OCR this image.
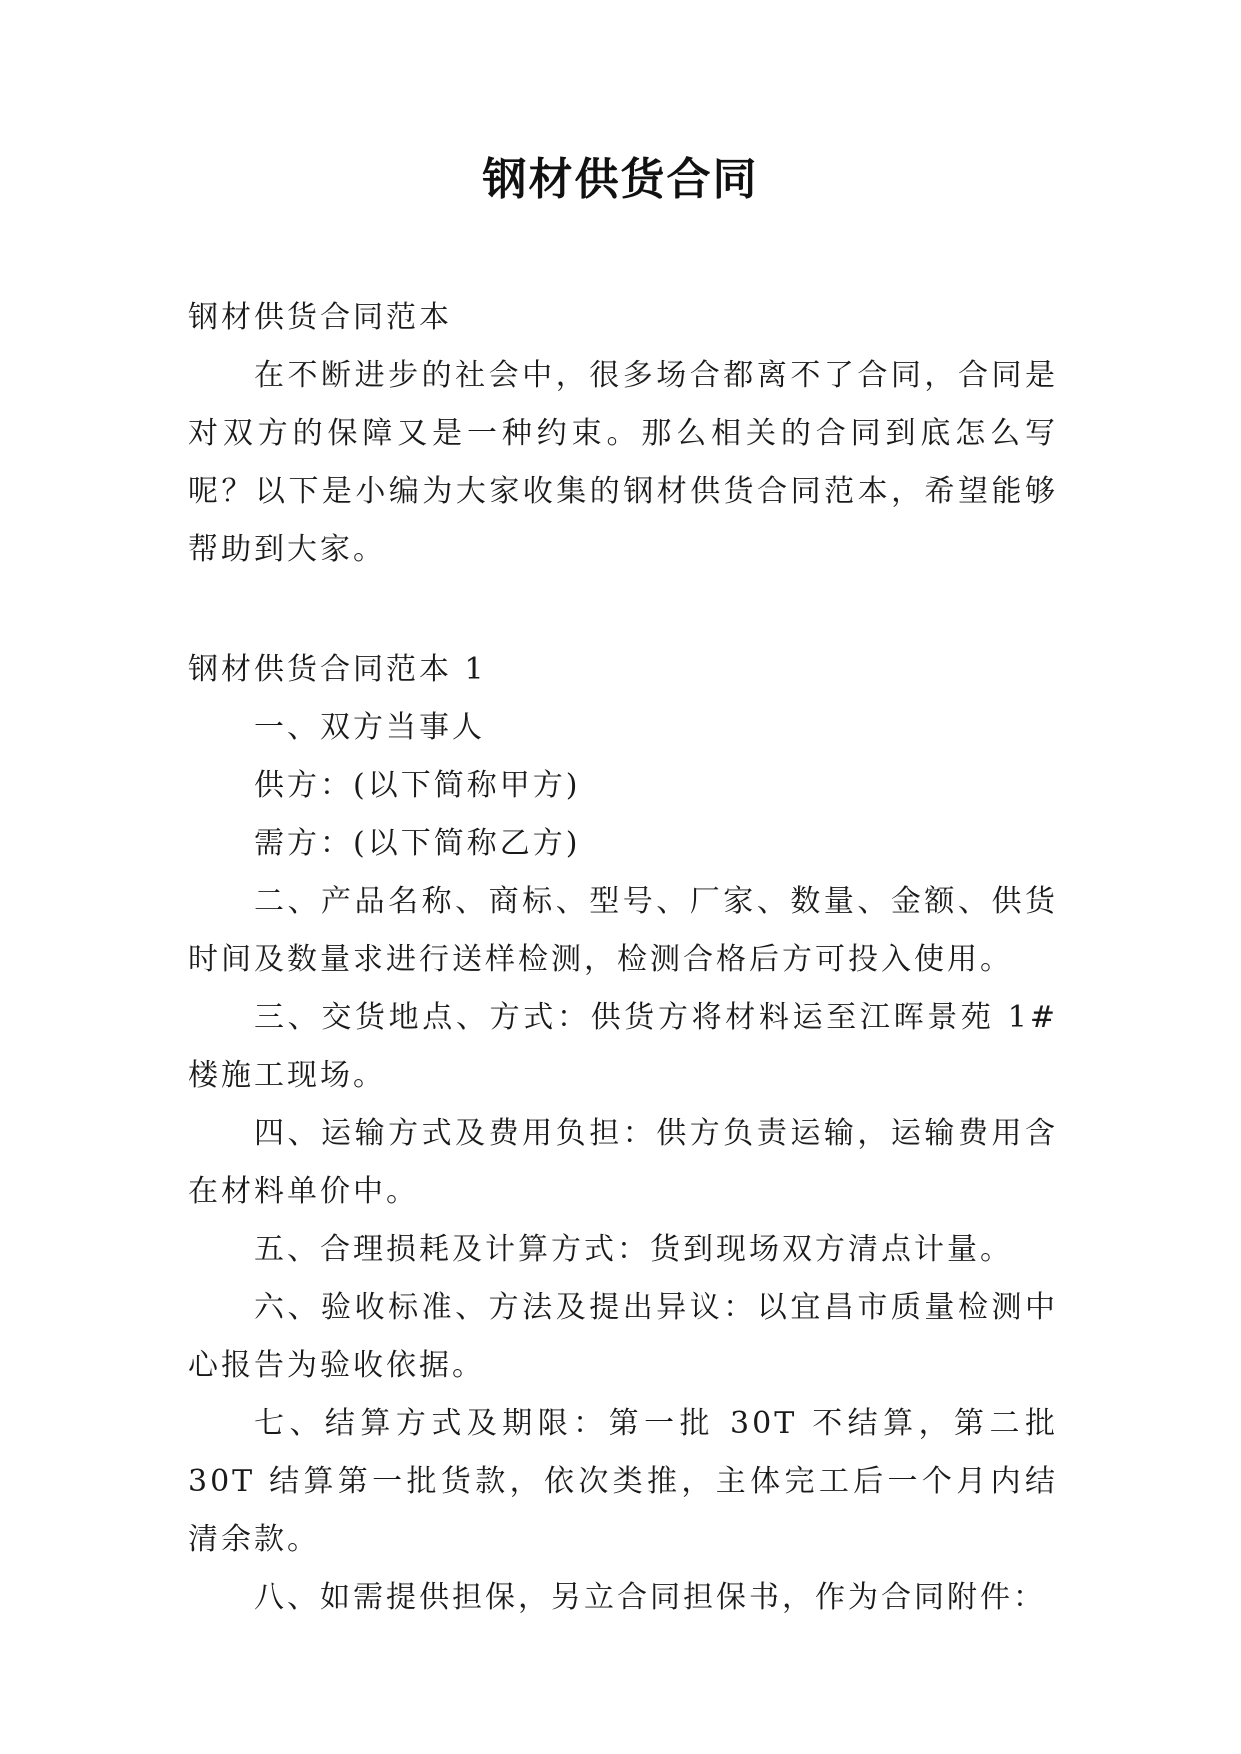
钢材供货合同

钢材供货合同范本

在不断进步的社会中，很多场合都离不了合同，合同是对双方的保障又是一种约束。那么相关的合同到底怎么写呢？以下是小编为大家收集的钢材供货合同范本，希望能够帮助到大家。

钢材供货合同范本 1

一、双方当事人

供方：(以下简称甲方)

需方：(以下简称乙方)

二、产品名称、商标、型号、厂家、数量、金额、供货时间及数量求进行送样检测，检测合格后方可投入使用。

三、交货地点、方式：供货方将材料运至江晖景苑 1#楼施工现场。

四、运输方式及费用负担：供方负责运输，运输费用含在材料单价中。

五、合理损耗及计算方式：货到现场双方清点计量。

六、验收标准、方法及提出异议：以宜昌市质量检测中心报告为验收依据。

七、结算方式及期限：第一批 30T 不结算，第二批 30T 结算第一批货款，依次类推，主体完工后一个月内结清余款。

八、如需提供担保，另立合同担保书，作为合同附件：
